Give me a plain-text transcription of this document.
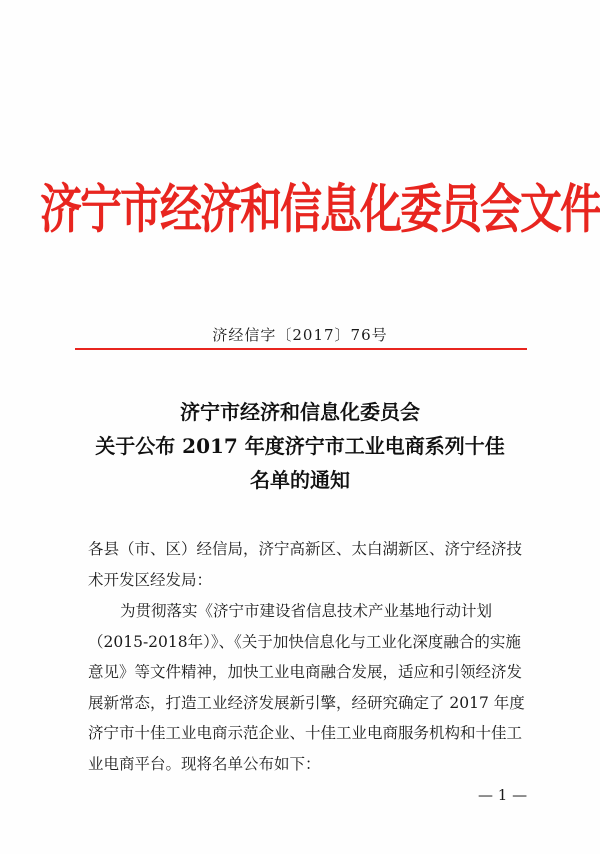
济宁市经济和信息化委员会文件
济经信字〔2017〕76号
济宁市经济和信息化委员会
关于公布 2017 年度济宁市工业电商系列十佳
名单的通知
各县（市、区）经信局，济宁高新区、太白湖新区、济宁经济技
术开发区经发局：
为贯彻落实《济宁市建设省信息技术产业基地行动计划
（2015-2018年）》、《关于加快信息化与工业化深度融合的实施
意见》等文件精神，加快工业电商融合发展，适应和引领经济发
展新常态，打造工业经济发展新引擎，经研究确定了 2017 年度
济宁市十佳工业电商示范企业、十佳工业电商服务机构和十佳工
业电商平台。现将名单公布如下：
— 1 —
